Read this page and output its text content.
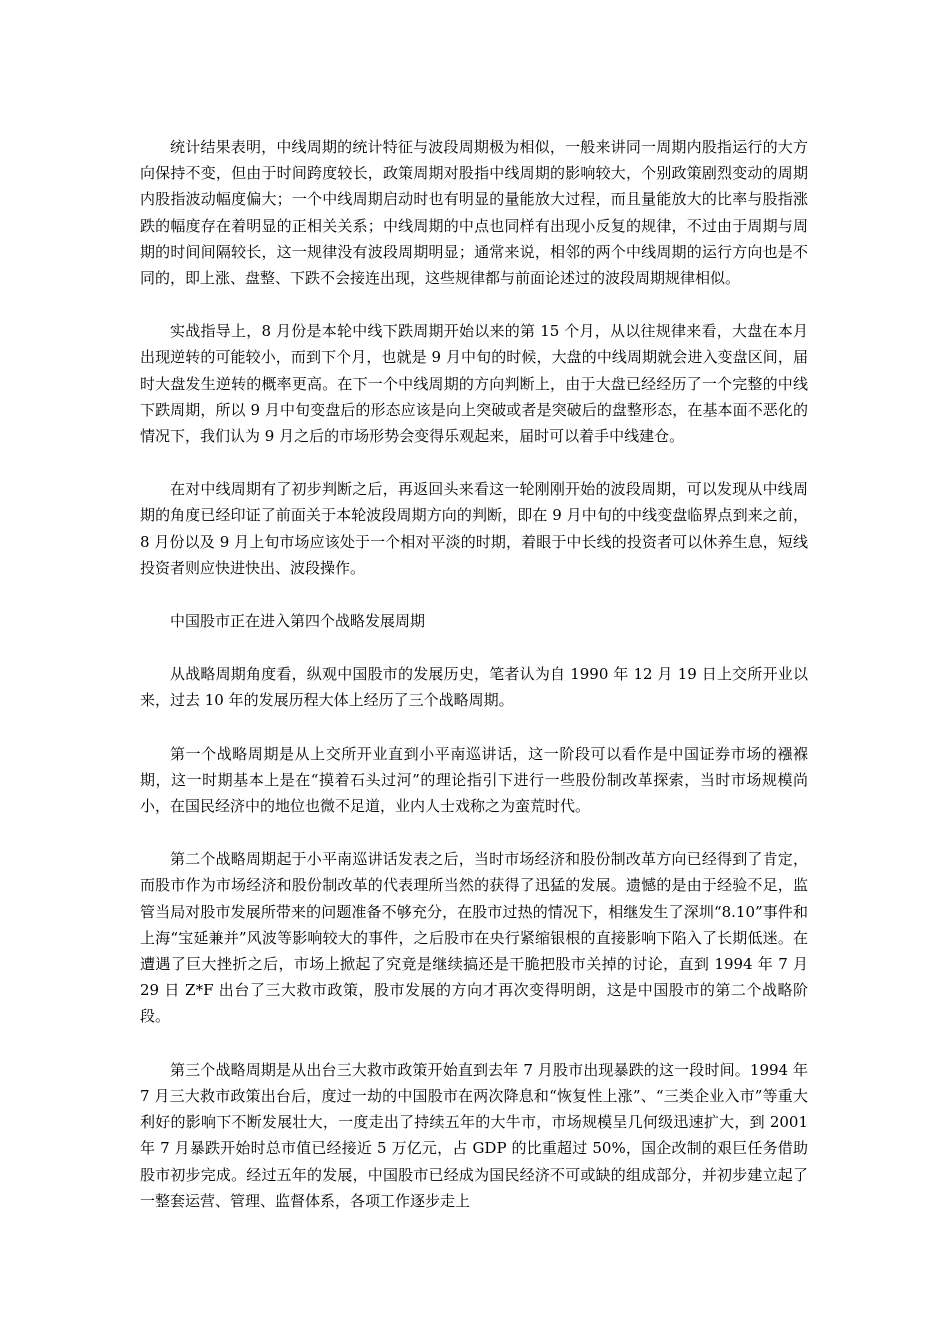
统计结果表明，中线周期的统计特征与波段周期极为相似，一般来讲同一周期内股指运行的大方向保持不变，但由于时间跨度较长，政策周期对股指中线周期的影响较大，个别政策剧烈变动的周期内股指波动幅度偏大；一个中线周期启动时也有明显的量能放大过程，而且量能放大的比率与股指涨跌的幅度存在着明显的正相关关系；中线周期的中点也同样有出现小反复的规律，不过由于周期与周期的时间间隔较长，这一规律没有波段周期明显；通常来说，相邻的两个中线周期的运行方向也是不同的，即上涨、盘整、下跌不会接连出现，这些规律都与前面论述过的波段周期规律相似。

实战指导上，8 月份是本轮中线下跌周期开始以来的第 15 个月，从以往规律来看，大盘在本月出现逆转的可能较小，而到下个月，也就是 9 月中旬的时候，大盘的中线周期就会进入变盘区间，届时大盘发生逆转的概率更高。在下一个中线周期的方向判断上，由于大盘已经经历了一个完整的中线下跌周期，所以 9 月中旬变盘后的形态应该是向上突破或者是突破后的盘整形态，在基本面不恶化的情况下，我们认为 9 月之后的市场形势会变得乐观起来，届时可以着手中线建仓。

在对中线周期有了初步判断之后，再返回头来看这一轮刚刚开始的波段周期，可以发现从中线周期的角度已经印证了前面关于本轮波段周期方向的判断，即在 9 月中旬的中线变盘临界点到来之前，8 月份以及 9 月上旬市场应该处于一个相对平淡的时期，着眼于中长线的投资者可以休养生息，短线投资者则应快进快出、波段操作。

中国股市正在进入第四个战略发展周期

从战略周期角度看，纵观中国股市的发展历史，笔者认为自 1990 年 12 月 19 日上交所开业以来，过去 10 年的发展历程大体上经历了三个战略周期。

第一个战略周期是从上交所开业直到小平南巡讲话，这一阶段可以看作是中国证券市场的襁褓期，这一时期基本上是在“摸着石头过河”的理论指引下进行一些股份制改革探索，当时市场规模尚小，在国民经济中的地位也微不足道，业内人士戏称之为蛮荒时代。

第二个战略周期起于小平南巡讲话发表之后，当时市场经济和股份制改革方向已经得到了肯定，而股市作为市场经济和股份制改革的代表理所当然的获得了迅猛的发展。遗憾的是由于经验不足，监管当局对股市发展所带来的问题准备不够充分，在股市过热的情况下，相继发生了深圳“8.10”事件和上海“宝延兼并”风波等影响较大的事件，之后股市在央行紧缩银根的直接影响下陷入了长期低迷。在遭遇了巨大挫折之后，市场上掀起了究竟是继续搞还是干脆把股市关掉的讨论，直到 1994 年 7 月 29 日 Z*F 出台了三大救市政策，股市发展的方向才再次变得明朗，这是中国股市的第二个战略阶段。

第三个战略周期是从出台三大救市政策开始直到去年 7 月股市出现暴跌的这一段时间。1994 年 7 月三大救市政策出台后，度过一劫的中国股市在两次降息和“恢复性上涨”、“三类企业入市”等重大利好的影响下不断发展壮大，一度走出了持续五年的大牛市，市场规模呈几何级迅速扩大，到 2001 年 7 月暴跌开始时总市值已经接近 5 万亿元，占 GDP 的比重超过 50%，国企改制的艰巨任务借助股市初步完成。经过五年的发展，中国股市已经成为国民经济不可或缺的组成部分，并初步建立起了一整套运营、管理、监督体系，各项工作逐步走上
